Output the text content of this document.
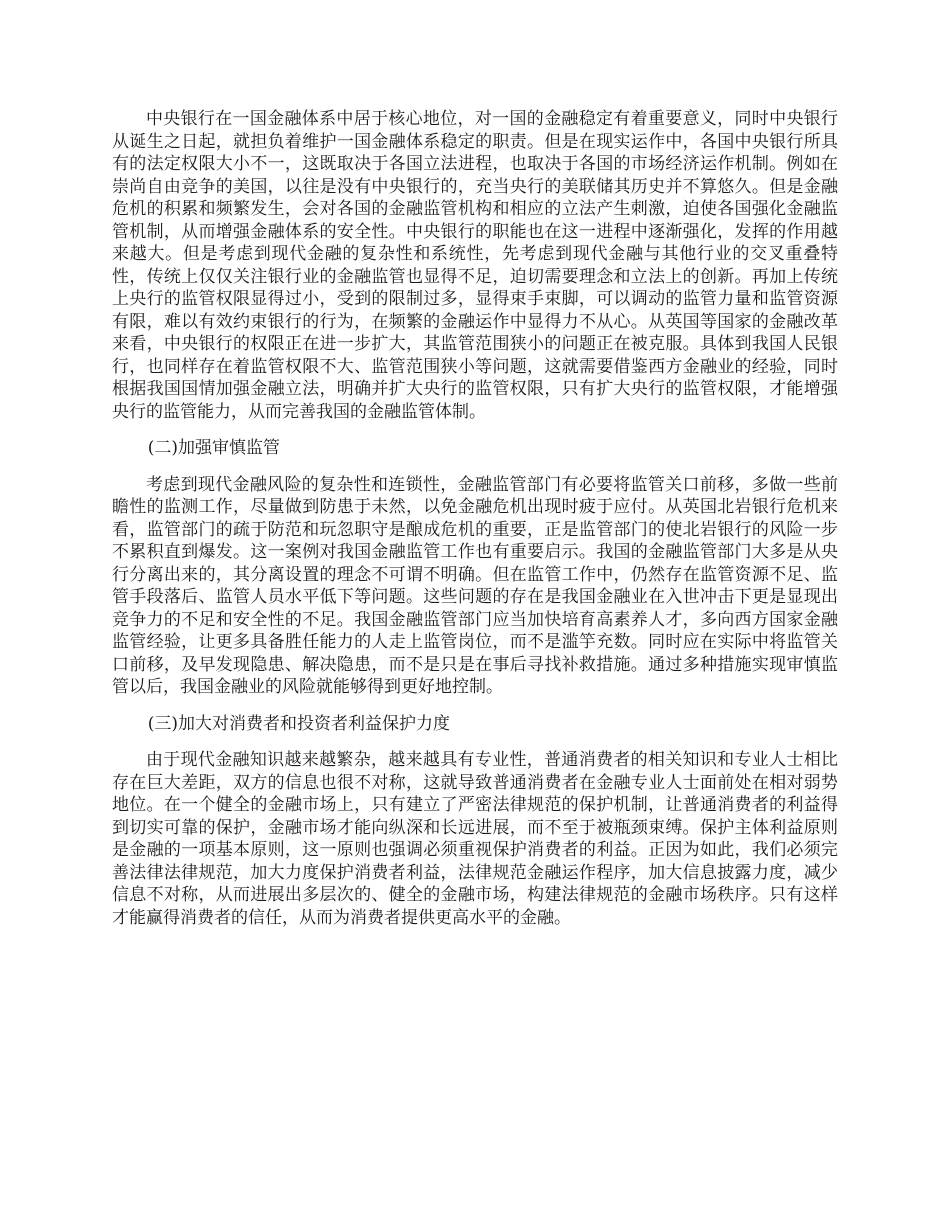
中央银行在一国金融体系中居于核心地位，对一国的金融稳定有着重要意义，同时中央银行从诞生之日起，就担负着维护一国金融体系稳定的职责。但是在现实运作中，各国中央银行所具有的法定权限大小不一，这既取决于各国立法进程，也取决于各国的市场经济运作机制。例如在崇尚自由竞争的美国，以往是没有中央银行的，充当央行的美联储其历史并不算悠久。但是金融危机的积累和频繁发生，会对各国的金融监管机构和相应的立法产生刺激，迫使各国强化金融监管机制，从而增强金融体系的安全性。中央银行的职能也在这一进程中逐渐强化，发挥的作用越来越大。但是考虑到现代金融的复杂性和系统性，先考虑到现代金融与其他行业的交叉重叠特性，传统上仅仅关注银行业的金融监管也显得不足，迫切需要理念和立法上的创新。再加上传统上央行的监管权限显得过小，受到的限制过多，显得束手束脚，可以调动的监管力量和监管资源有限，难以有效约束银行的行为，在频繁的金融运作中显得力不从心。从英国等国家的金融改革来看，中央银行的权限正在进一步扩大，其监管范围狭小的问题正在被克服。具体到我国人民银行，也同样存在着监管权限不大、监管范围狭小等问题，这就需要借鉴西方金融业的经验，同时根据我国国情加强金融立法，明确并扩大央行的监管权限，只有扩大央行的监管权限，才能增强央行的监管能力，从而完善我国的金融监管体制。

(二)加强审慎监管

考虑到现代金融风险的复杂性和连锁性，金融监管部门有必要将监管关口前移，多做一些前瞻性的监测工作，尽量做到防患于未然，以免金融危机出现时疲于应付。从英国北岩银行危机来看，监管部门的疏于防范和玩忽职守是酿成危机的重要，正是监管部门的使北岩银行的风险一步不累积直到爆发。这一案例对我国金融监管工作也有重要启示。我国的金融监管部门大多是从央行分离出来的，其分离设置的理念不可谓不明确。但在监管工作中，仍然存在监管资源不足、监管手段落后、监管人员水平低下等问题。这些问题的存在是我国金融业在入世冲击下更是显现出竞争力的不足和安全性的不足。我国金融监管部门应当加快培育高素养人才，多向西方国家金融监管经验，让更多具备胜任能力的人走上监管岗位，而不是滥竽充数。同时应在实际中将监管关口前移，及早发现隐患、解决隐患，而不是只是在事后寻找补救措施。通过多种措施实现审慎监管以后，我国金融业的风险就能够得到更好地控制。

(三)加大对消费者和投资者利益保护力度

由于现代金融知识越来越繁杂，越来越具有专业性，普通消费者的相关知识和专业人士相比存在巨大差距，双方的信息也很不对称，这就导致普通消费者在金融专业人士面前处在相对弱势地位。在一个健全的金融市场上，只有建立了严密法律规范的保护机制，让普通消费者的利益得到切实可靠的保护，金融市场才能向纵深和长远进展，而不至于被瓶颈束缚。保护主体利益原则是金融的一项基本原则，这一原则也强调必须重视保护消费者的利益。正因为如此，我们必须完善法律法律规范，加大力度保护消费者利益，法律规范金融运作程序，加大信息披露力度，减少信息不对称，从而进展出多层次的、健全的金融市场，构建法律规范的金融市场秩序。只有这样才能赢得消费者的信任，从而为消费者提供更高水平的金融。
